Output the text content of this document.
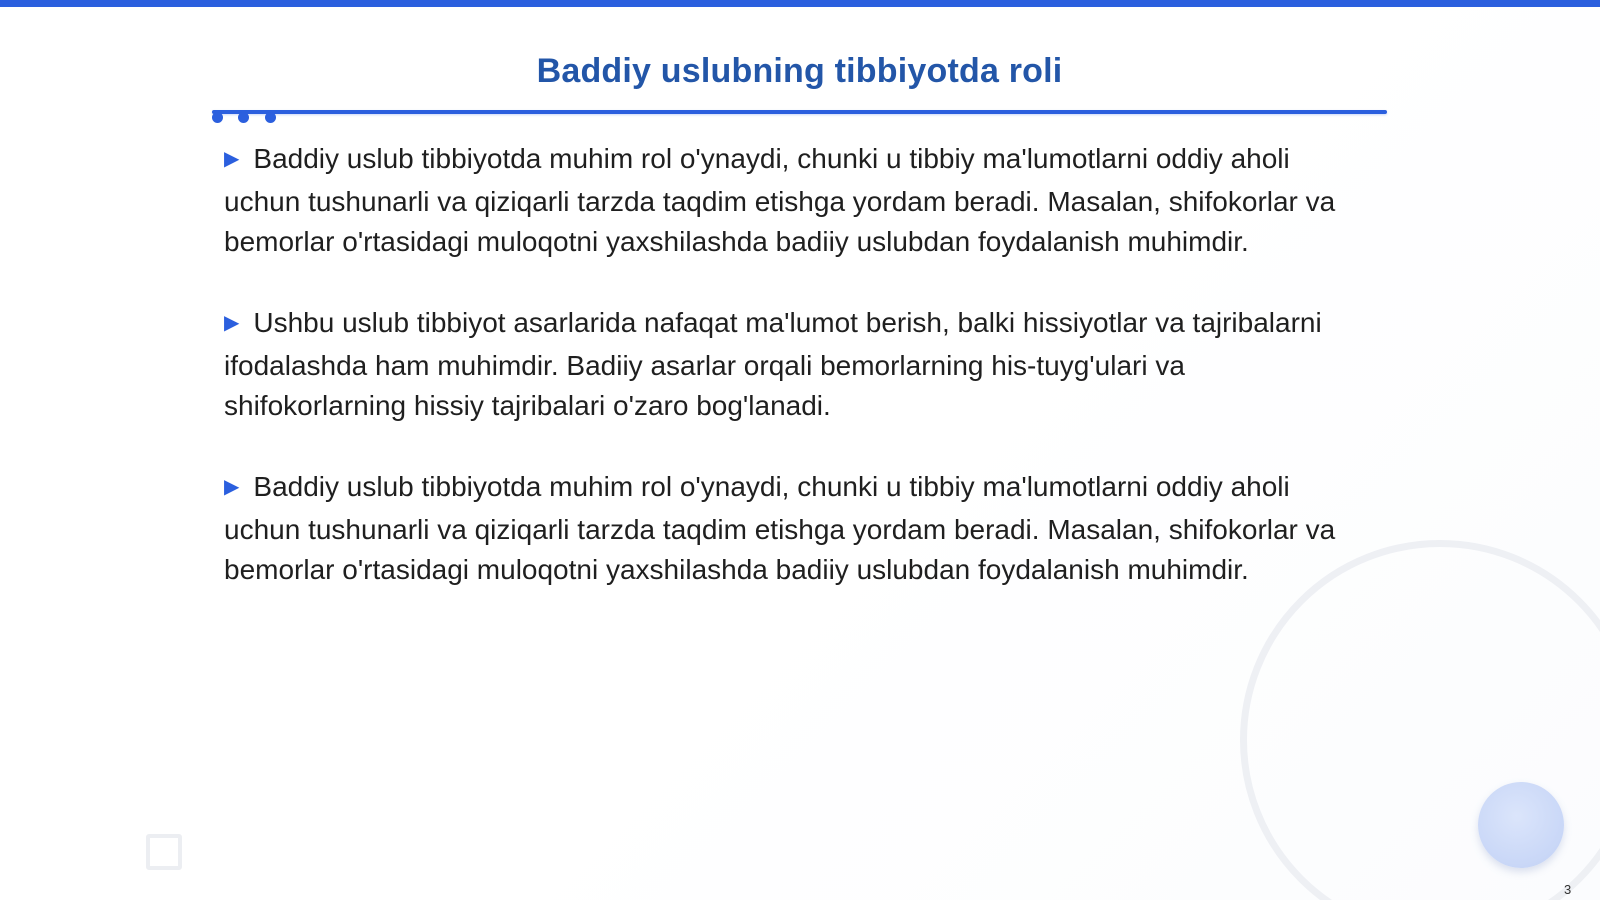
Baddiy uslubning tibbiyotda roli

▶ Baddiy uslub tibbiyotda muhim rol o'ynaydi, chunki u tibbiy ma'lumotlarni oddiy aholi uchun tushunarli va qiziqarli tarzda taqdim etishga yordam beradi. Masalan, shifokorlar va bemorlar o'rtasidagi muloqotni yaxshilashda badiiy uslubdan foydalanish muhimdir.

▶ Ushbu uslub tibbiyot asarlarida nafaqat ma'lumot berish, balki hissiyotlar va tajribalarni ifodalashda ham muhimdir. Badiiy asarlar orqali bemorlarning his-tuyg'ulari va shifokorlarning hissiy tajribalari o'zaro bog'lanadi.

▶ Baddiy uslub tibbiyotda muhim rol o'ynaydi, chunki u tibbiy ma'lumotlarni oddiy aholi uchun tushunarli va qiziqarli tarzda taqdim etishga yordam beradi. Masalan, shifokorlar va bemorlar o'rtasidagi muloqotni yaxshilashda badiiy uslubdan foydalanish muhimdir.

3
